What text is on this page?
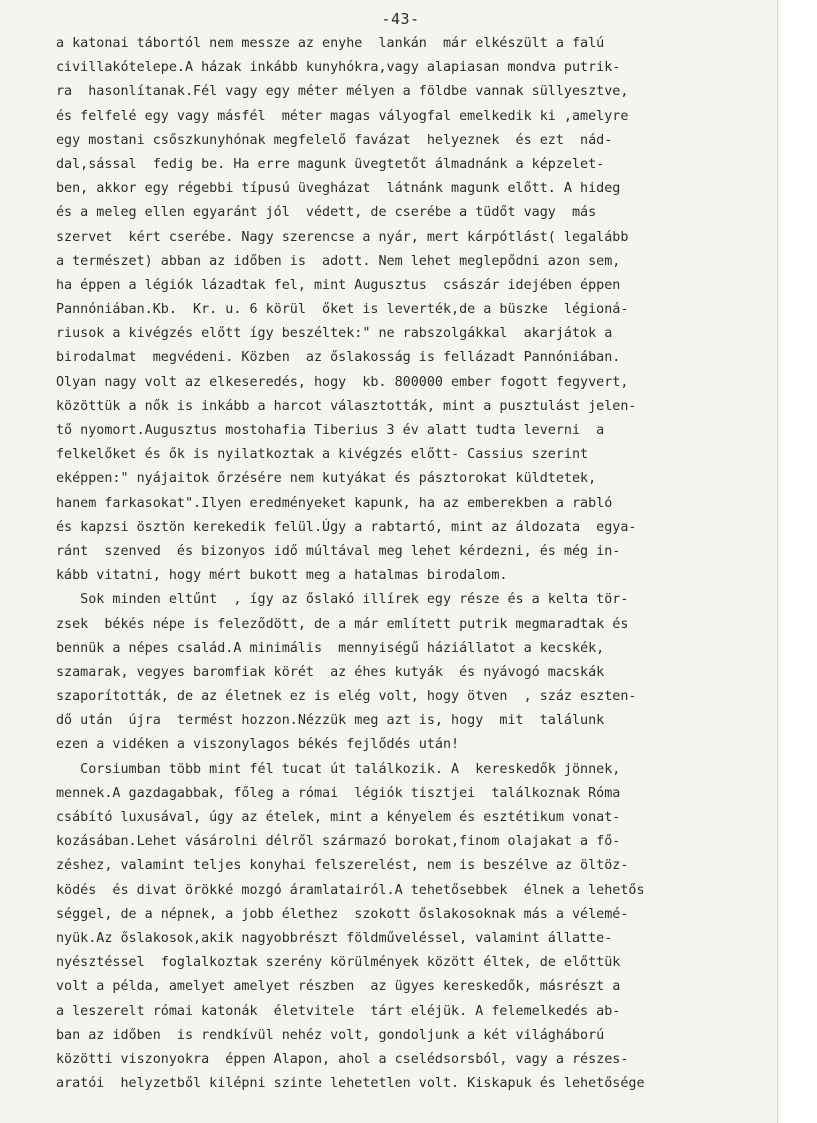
-43-
a katonai tábortól nem messze az enyhe  lankán  már elkészült a falú
civillakótelepe.A házak inkább kunyhókra,vagy alapiasan mondva putrik-
ra  hasonlítanak.Fél vagy egy méter mélyen a földbe vannak süllyesztve,
és felfelé egy vagy másfél  méter magas vályogfal emelkedik ki ,amelyre
egy mostani csőszkunyhónak megfelelő favázat  helyeznek  és ezt  nád-
dal,sással  fedig be. Ha erre magunk üvegtetőt álmadnánk a képzelet-
ben, akkor egy régebbi típusú üvegházat  látnánk magunk előtt. A hideg
és a meleg ellen egyaránt jól  védett, de cserébe a tüdőt vagy  más
szervet  kért cserébe. Nagy szerencse a nyár, mert kárpótlást( legalább
a természet) abban az időben is  adott. Nem lehet meglepődni azon sem,
ha éppen a légiók lázadtak fel, mint Augusztus  császár idejében éppen
Pannóniában.Kb.  Kr. u. 6 körül  őket is leverték,de a büszke  légioná-
riusok a kivégzés előtt így beszéltek:" ne rabszolgákkal  akarjátok a
birodalmat  megvédeni. Közben  az őslakosság is fellázadt Pannóniában.
Olyan nagy volt az elkeseredés, hogy  kb. 800000 ember fogott fegyvert,
közöttük a nők is inkább a harcot választották, mint a pusztulást jelen-
tő nyomort.Augusztus mostohafia Tiberius 3 év alatt tudta leverni  a
felkelőket és ők is nyilatkoztak a kivégzés előtt- Cassius szerint
eképpen:" nyájaitok őrzésére nem kutyákat és pásztorokat küldtetek,
hanem farkasokat".Ilyen eredményeket kapunk, ha az emberekben a rabló
és kapzsi ösztön kerekedik felül.Úgy a rabtartó, mint az áldozata  egya-
ránt  szenved  és bizonyos idő múltával meg lehet kérdezni, és még in-
kább vitatni, hogy mért bukott meg a hatalmas birodalom.
Sok minden eltűnt  , így az őslakó illírek egy része és a kelta tör-
zsek  békés népe is feleződött, de a már említett putrik megmaradtak és
bennük a népes család.A minimális  mennyiségű háziállatot a kecskék,
szamarak, vegyes baromfiak körét  az éhes kutyák  és nyávogó macskák
szaporították, de az életnek ez is elég volt, hogy ötven  , száz eszten-
dő után  újra  termést hozzon.Nézzük meg azt is, hogy  mit  találunk
ezen a vidéken a viszonylagos békés fejlődés után!
Corsiumban több mint fél tucat út találkozik. A  kereskedők jönnek,
mennek.A gazdagabbak, főleg a római  légiók tisztjei  találkoznak Róma
csábító luxusával, úgy az ételek, mint a kényelem és esztétikum vonat-
kozásában.Lehet vásárolni délről származó borokat,finom olajakat a fő-
zéshez, valamint teljes konyhai felszerelést, nem is beszélve az öltöz-
ködés  és divat örökké mozgó áramlatairól.A tehetősebbek  élnek a lehetős
séggel, de a népnek, a jobb élethez  szokott őslakosoknak más a vélemé-
nyük.Az őslakosok,akik nagyobbrészt földműveléssel, valamint állatte-
nyésztéssel  foglalkoztak szerény körülmények között éltek, de előttük
volt a példa, amelyet amelyet részben  az ügyes kereskedők, másrészt a
a leszerelt római katonák  életvitele  tárt eléjük. A felemelkedés ab-
ban az időben  is rendkívül nehéz volt, gondoljunk a két világháború
közötti viszonyokra  éppen Alapon, ahol a cselédsorsból, vagy a részes-
aratói  helyzetből kilépni szinte lehetetlen volt. Kiskapuk és lehetősége
